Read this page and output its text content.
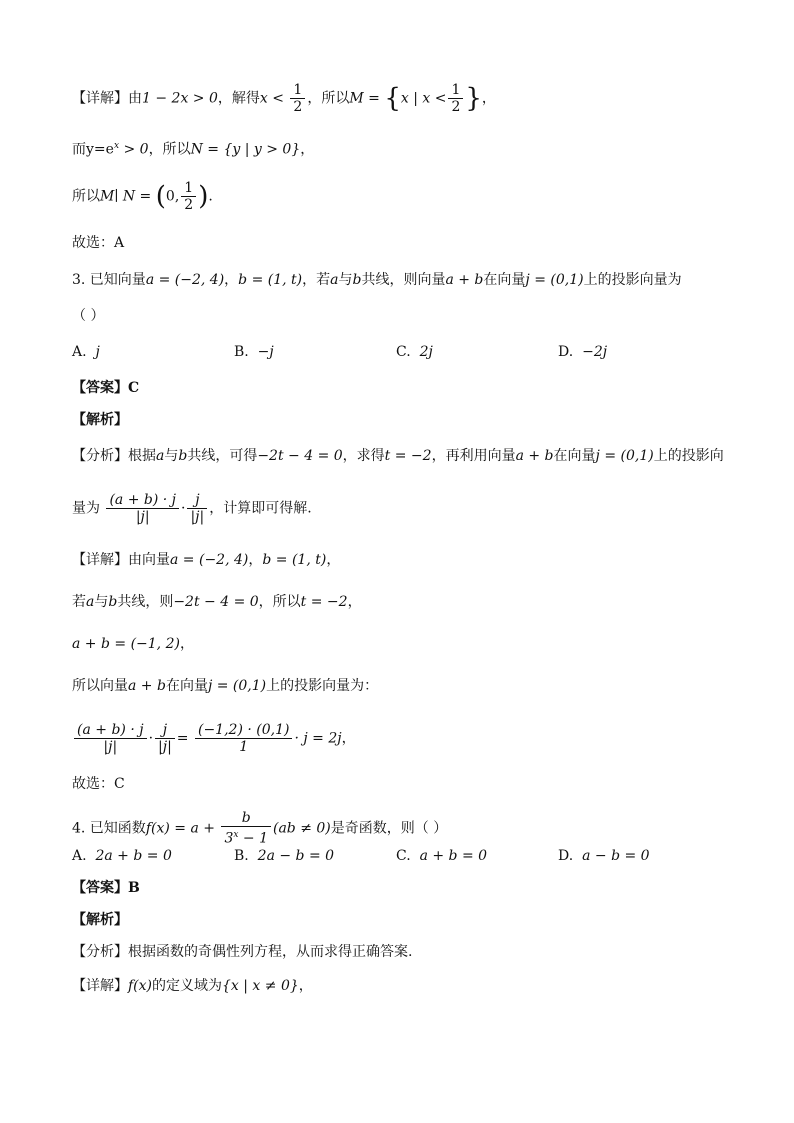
【详解】由1 − 2x > 0，解得$x < \frac{1}{2}$ ，所以M = {x | $x < \frac{1}{2}$ }，
而$y=e^x > 0$，所以N = {y | y > 0}，
所以M∣ N = (0, $\frac{1}{2}$ ).
故选：A
3. 已知向量a = (−2, 4)，b = (1, t)，若a与b共线，则向量a + b在向量j = (0,1)上的投影向量为
（ ）
A. j	B. −j	C. 2j	D. −2j
【答案】C
【解析】
【分析】根据a与b共线，可得−2t − 4 = 0，求得t = −2，再利用向量a + b在向量j = (0,1)上的投影向
量为 $\frac{(a + b) \cdot j}{|j|} \cdot \frac{j}{|j|}$ ，计算即可得解.
【详解】由向量a = (−2, 4)，b = (1, t)，
若a与b共线，则−2t − 4 = 0，所以t = −2，
a + b = (−1, 2)，
所以向量a + b在向量j = (0,1)上的投影向量为：
$\frac{(a + b) \cdot j}{|j|} \cdot \frac{j}{|j|} = \frac{(-1,2) \cdot (0,1)}{1} \cdot j = 2j$，
故选：C
4. 已知函数$f(x) = a + \frac{b}{3^x - 1} (ab \ne 0)$是奇函数，则（ ）
A. 2a + b = 0	B. 2a − b = 0	C. a + b = 0	D. a − b = 0
【答案】B
【解析】
【分析】根据函数的奇偶性列方程，从而求得正确答案.
【详解】f(x)的定义域为{x | x ≠ 0}，
